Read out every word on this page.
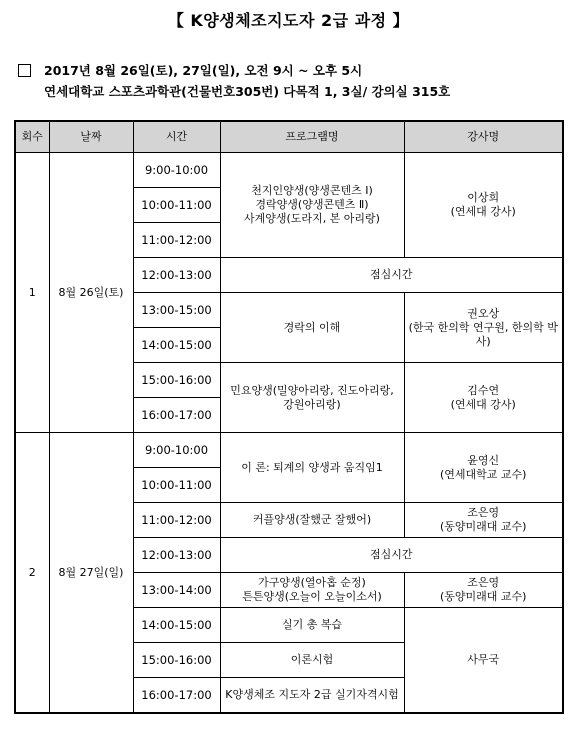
【 K양생체조지도자 2급 과정 】
2017년 8월 26일(토), 27일(일), 오전 9시 ~ 오후 5시
연세대학교 스포츠과학관(건물번호305번) 다목적 1, 3실/ 강의실 315호
회수	날짜	시간	프로그램명	강사명
1	8월 26일(토)	9:00-10:00	천지인양생(양생콘텐츠 Ⅰ)
경락양생(양생콘텐츠 Ⅱ)
사계양생(도라지, 본 아리랑)	이상희
(연세대 강사)

		10:00-11:00		
		11:00-12:00		
		12:00-13:00	점심시간	
		13:00-15:00	경락의 이해	권오상
(한국 한의학 연구원, 한의학 박사)

		14:00-15:00		
		15:00-16:00	민요양생(밀양아리랑, 진도아리랑,
강원아리랑)	김수연
(연세대 강사)

		16:00-17:00		
2	8월 27일(일)	9:00-10:00	이 론: 퇴계의 양생과 움직임1	윤영신
(연세대학교 교수)

		10:00-11:00		
		11:00-12:00	커플양생(잘했군 잘했어)	조은영
(동양미래대 교수)

		12:00-13:00	점심시간	
		13:00-14:00	가구양생(열아홉 순정)
튼튼양생(오늘이 오늘이소서)	조은영
(동양미래대 교수)

		14:00-15:00	실기 총 복습	사무국
		15:00-16:00	이론시험	
		16:00-17:00	K양생체조 지도자 2급 실기자격시험	
